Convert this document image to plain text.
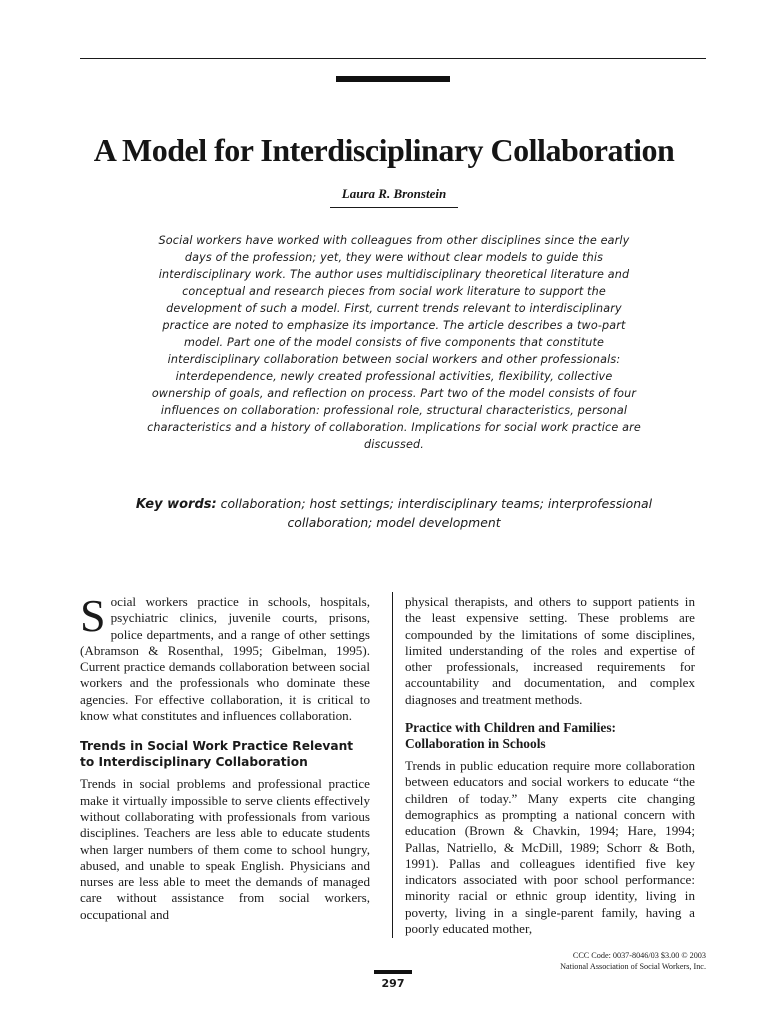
A Model for Interdisciplinary Collaboration
Laura R. Bronstein

Social workers have worked with colleagues from other disciplines since the early days of the profession; yet, they were without clear models to guide this interdisciplinary work. The author uses multidisciplinary theoretical literature and conceptual and research pieces from social work literature to support the development of such a model. First, current trends relevant to interdisciplinary practice are noted to emphasize its importance. The article describes a two-part model. Part one of the model consists of five components that constitute interdisciplinary collaboration between social workers and other professionals: interdependence, newly created professional activities, flexibility, collective ownership of goals, and reflection on process. Part two of the model consists of four influences on collaboration: professional role, structural characteristics, personal characteristics and a history of collaboration. Implications for social work practice are discussed.

Key words: collaboration; host settings; interdisciplinary teams; interprofessional collaboration; model development

Social workers practice in schools, hospitals, psychiatric clinics, juvenile courts, prisons, police departments, and a range of other settings (Abramson & Rosenthal, 1995; Gibelman, 1995). Current practice demands collaboration between social workers and the professionals who dominate these agencies. For effective collaboration, it is critical to know what constitutes and influences collaboration.

Trends in Social Work Practice Relevant to Interdisciplinary Collaboration

Trends in social problems and professional practice make it virtually impossible to serve clients effectively without collaborating with professionals from various disciplines. Teachers are less able to educate students when larger numbers of them come to school hungry, abused, and unable to speak English. Physicians and nurses are less able to meet the demands of managed care without assistance from social workers, occupational and

physical therapists, and others to support patients in the least expensive setting. These problems are compounded by the limitations of some disciplines, limited understanding of the roles and expertise of other professionals, increased requirements for accountability and documentation, and complex diagnoses and treatment methods.

Practice with Children and Families: Collaboration in Schools

Trends in public education require more collaboration between educators and social workers to educate “the children of today.” Many experts cite changing demographics as prompting a national concern with education (Brown & Chavkin, 1994; Hare, 1994; Pallas, Natriello, & McDill, 1989; Schorr & Both, 1991). Pallas and colleagues identified five key indicators associated with poor school performance: minority racial or ethnic group identity, living in poverty, living in a single-parent family, having a poorly educated mother,

CCC Code: 0037-8046/03 $3.00 © 2003
National Association of Social Workers, Inc.

297
